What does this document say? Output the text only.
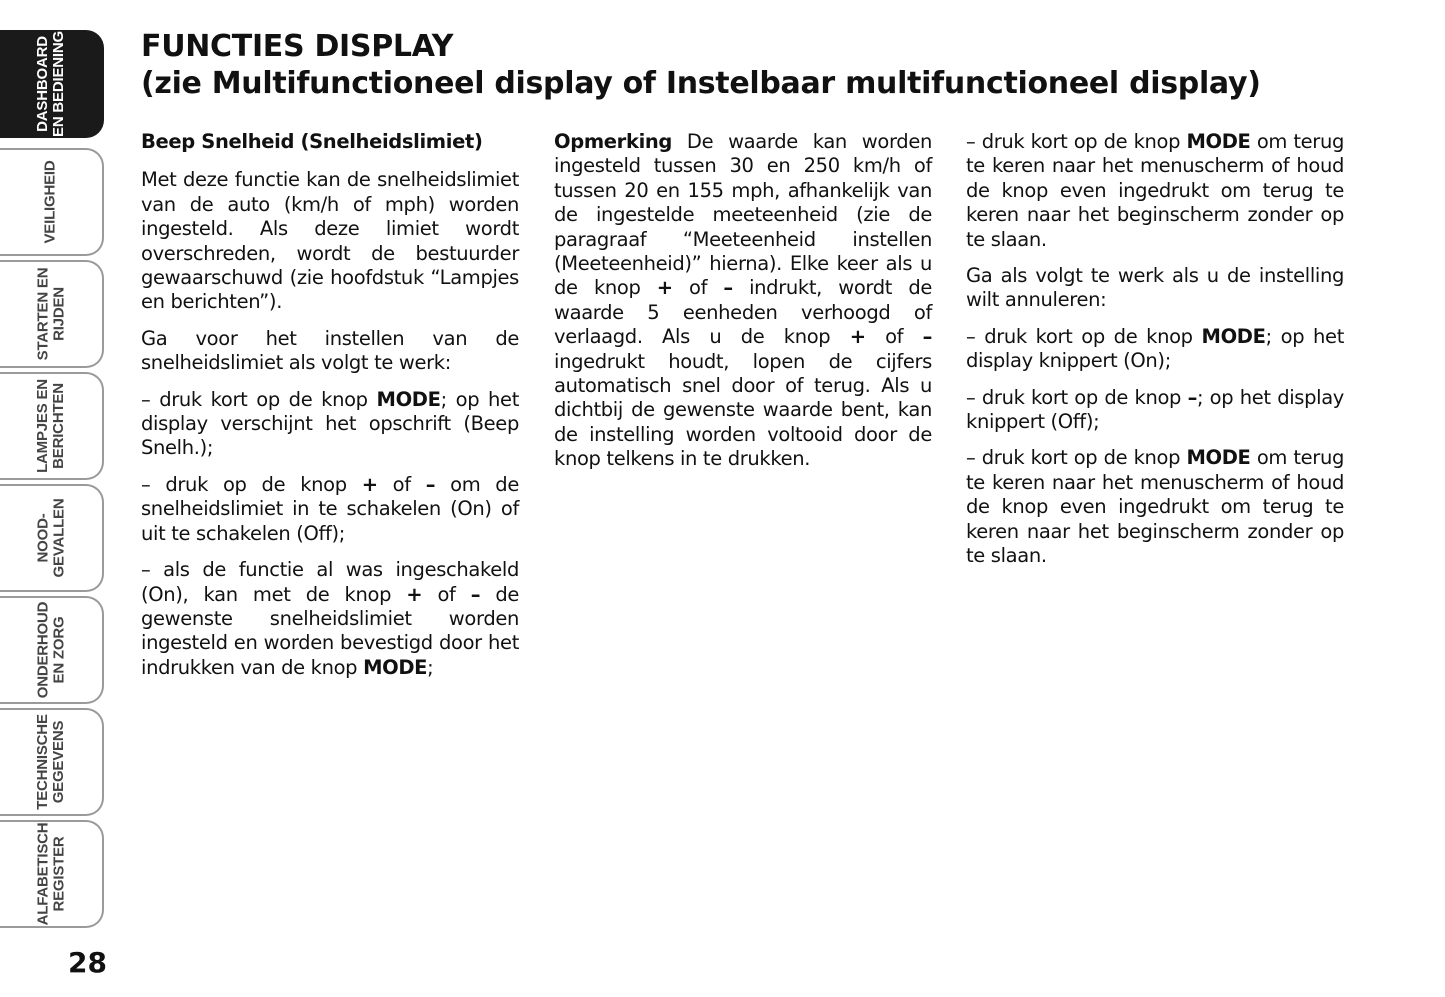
DASHBOARD
EN BEDIENING
VEILIGHEID
STARTEN EN
RIJDEN
LAMPJES EN
BERICHTEN
NOOD-
GEVALLEN
ONDERHOUD
EN ZORG
TECHNISCHE
GEGEVENS
ALFABETISCH
REGISTER
28
FUNCTIES DISPLAY
(zie Multifunctioneel display of Instelbaar multifunctioneel display)

Beep Snelheid (Snelheidslimiet)

Met deze functie kan de snelheidslimiet van de auto (km/h of mph) worden ingesteld. Als deze limiet wordt overschreden, wordt de bestuurder gewaarschuwd (zie hoofdstuk “Lampjes en berichten”).

Ga voor het instellen van de snelheidslimiet als volgt te werk:

– druk kort op de knop MODE; op het display verschijnt het opschrift (Beep Snelh.);

– druk op de knop + of – om de snelheidslimiet in te schakelen (On) of uit te schakelen (Off);

– als de functie al was ingeschakeld (On), kan met de knop + of – de gewenste snelheidslimiet worden ingesteld en worden bevestigd door het indrukken van de knop MODE;

Opmerking De waarde kan worden ingesteld tussen 30 en 250 km/h of tussen 20 en 155 mph, afhankelijk van de ingestelde meeteenheid (zie de paragraaf “Meeteenheid instellen (Meeteenheid)” hierna). Elke keer als u de knop + of – indrukt, wordt de waarde 5 eenheden verhoogd of verlaagd. Als u de knop + of – ingedrukt houdt, lopen de cijfers automatisch snel door of terug. Als u dichtbij de gewenste waarde bent, kan de instelling worden voltooid door de knop telkens in te drukken.

– druk kort op de knop MODE om terug te keren naar het menuscherm of houd de knop even ingedrukt om terug te keren naar het beginscherm zonder op te slaan.

Ga als volgt te werk als u de instelling wilt annuleren:

– druk kort op de knop MODE; op het display knippert (On);

– druk kort op de knop –; op het display knippert (Off);

– druk kort op de knop MODE om terug te keren naar het menuscherm of houd de knop even ingedrukt om terug te keren naar het beginscherm zonder op te slaan.
